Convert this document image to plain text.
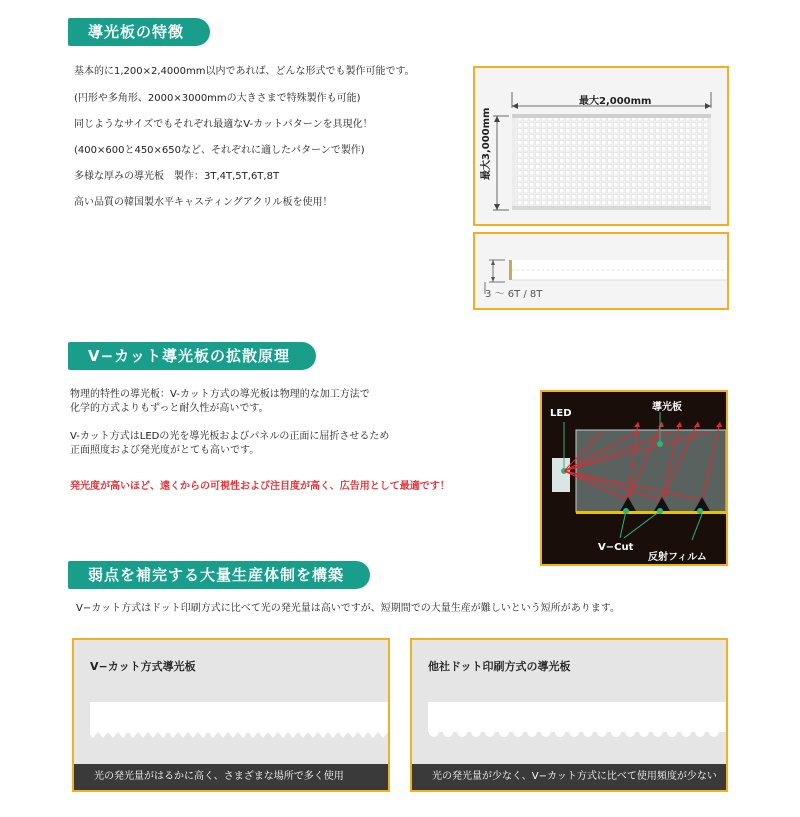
導光板の特徴
基本的に1,200×2,4000mm以内であれば、どんな形式でも製作可能です。
(円形や多角形、2000×3000mmの大きさまで特殊製作も可能)
同じようなサイズでもそれぞれ最適なV-カットパターンを具現化！
(400×600と450×650など、それぞれに適したパターンで製作)
多様な厚みの導光板　製作：3T,4T,5T,6T,8T
高い品質の韓国製水平キャスティングアクリル板を使用！
最大2,000mm
最大3,000mm
3 ～ 6T / 8T
V−カット導光板の拡散原理
物理的特性の導光板：V-カット方式の導光板は物理的な加工方法で
化学的方式よりもずっと耐久性が高いです。
V-カット方式はLEDの光を導光板およびパネルの正面に屈折させるため
正面照度および発光度がとても高いです。
発光度が高いほど、遠くからの可視性および注目度が高く、広告用として最適です！
LED
導光板
V−Cut
反射フィルム
弱点を補完する大量生産体制を構築
V−カット方式はドット印刷方式に比べて光の発光量は高いですが、短期間での大量生産が難しいという短所があります。
V−カット方式導光板
光の発光量がはるかに高く、さまざまな場所で多く使用
他社ドット印刷方式の導光板
光の発光量が少なく、V−カット方式に比べて使用頻度が少ない
